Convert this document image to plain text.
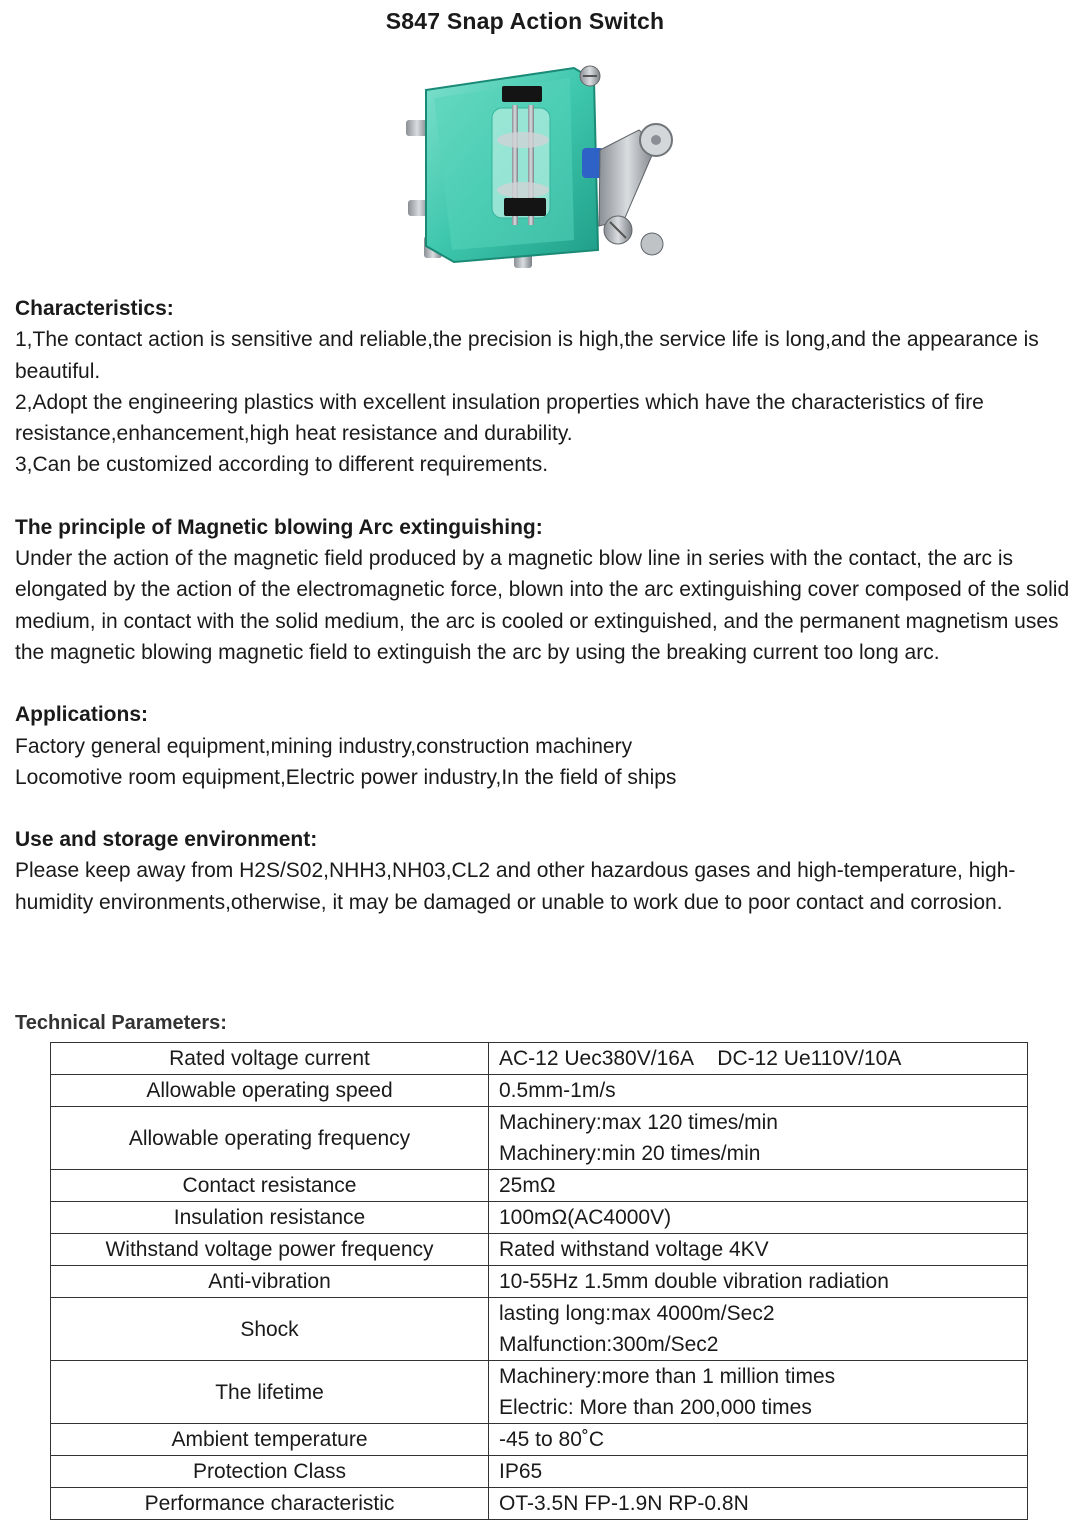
S847 Snap Action Switch
Characteristics:
1,The contact action is sensitive and reliable,the precision is high,the service life is long,and the appearance is beautiful.
2,Adopt the engineering plastics with excellent insulation properties which have the characteristics of fire resistance,enhancement,high heat resistance and durability.
3,Can be customized according to different requirements.
The principle of Magnetic blowing Arc extinguishing:
Under the action of the magnetic field produced by a magnetic blow line in series with the contact, the arc is elongated by the action of the electromagnetic force, blown into the arc extinguishing cover composed of the solid medium, in contact with the solid medium, the arc is cooled or extinguished, and the permanent magnetism uses the magnetic blowing magnetic field to extinguish the arc by using the breaking current too long arc.
Applications:
Factory general equipment,mining industry,construction machinery
Locomotive room equipment,Electric power industry,In the field of ships
Use and storage environment:
Please keep away from H2S/S02,NHH3,NH03,CL2 and other hazardous gases and high-temperature, high-humidity environments,otherwise, it may be damaged or unable to work due to poor contact and corrosion.
Technical Parameters:
Rated voltage current	AC-12 Uec380V/16A    DC-12 Ue110V/10A

Allowable operating speed	0.5mm-1m/s

Allowable operating frequency	Machinery:max 120 times/min
Machinery:min 20 times/min

Contact resistance	25mΩ

Insulation resistance	100mΩ(AC4000V)

Withstand voltage power frequency	Rated withstand voltage 4KV

Anti-vibration	10-55Hz 1.5mm double vibration radiation

Shock	lasting long:max 4000m/Sec2
Malfunction:300m/Sec2

The lifetime	Machinery:more than 1 million times
Electric: More than 200,000 times

Ambient temperature	-45 to 80˚C

Protection Class	IP65

Performance characteristic	OT-3.5N FP-1.9N RP-0.8N
